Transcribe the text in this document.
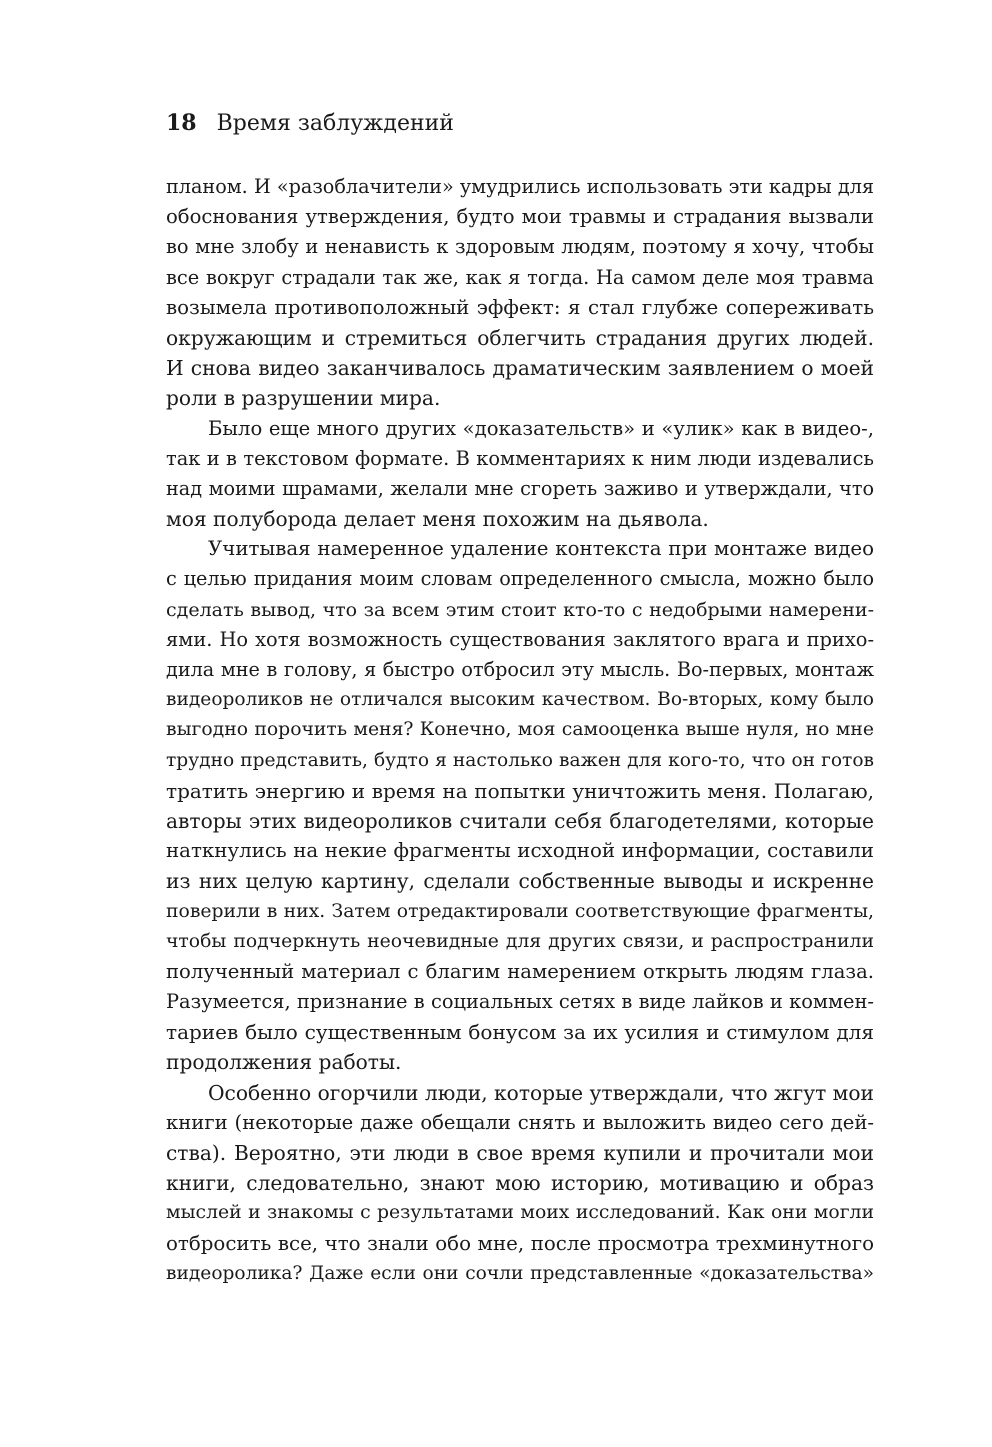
18 Время заблуждений
планом. И «разоблачители» умудрились использовать эти кадры для
обоснования утверждения, будто мои травмы и страдания вызвали
во мне злобу и ненависть к здоровым людям, поэтому я хочу, чтобы
все вокруг страдали так же, как я тогда. На самом деле моя травма
возымела противоположный эффект: я стал глубже сопереживать
окружающим и стремиться облегчить страдания других людей.
И снова видео заканчивалось драматическим заявлением о моей
роли в разрушении мира.
Было еще много других «доказательств» и «улик» как в видео-,
так и в текстовом формате. В комментариях к ним люди издевались
над моими шрамами, желали мне сгореть заживо и утверждали, что
моя полуборода делает меня похожим на дьявола.
Учитывая намеренное удаление контекста при монтаже видео
с целью придания моим словам определенного смысла, можно было
сделать вывод, что за всем этим стоит кто-то с недобрыми намерени-
ями. Но хотя возможность существования заклятого врага и прихо-
дила мне в голову, я быстро отбросил эту мысль. Во-первых, монтаж
видеороликов не отличался высоким качеством. Во-вторых, кому было
выгодно порочить меня? Конечно, моя самооценка выше нуля, но мне
трудно представить, будто я настолько важен для кого-то, что он готов
тратить энергию и время на попытки уничтожить меня. Полагаю,
авторы этих видеороликов считали себя благодетелями, которые
наткнулись на некие фрагменты исходной информации, составили
из них целую картину, сделали собственные выводы и искренне
поверили в них. Затем отредактировали соответствующие фрагменты,
чтобы подчеркнуть неочевидные для других связи, и распространили
полученный материал с благим намерением открыть людям глаза.
Разумеется, признание в социальных сетях в виде лайков и коммен-
тариев было существенным бонусом за их усилия и стимулом для
продолжения работы.
Особенно огорчили люди, которые утверждали, что жгут мои
книги (некоторые даже обещали снять и выложить видео сего дей-
ства). Вероятно, эти люди в свое время купили и прочитали мои
книги, следовательно, знают мою историю, мотивацию и образ
мыслей и знакомы с результатами моих исследований. Как они могли
отбросить все, что знали обо мне, после просмотра трехминутного
видеоролика? Даже если они сочли представленные «доказательства»
